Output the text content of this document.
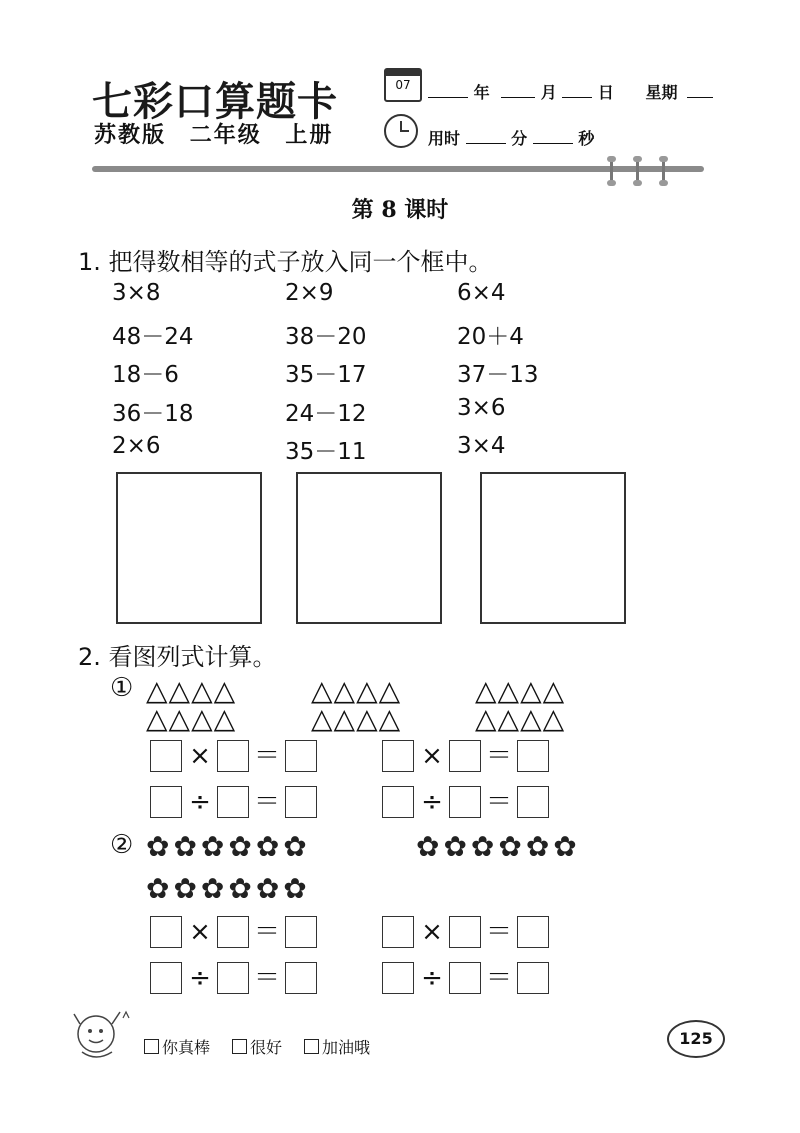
七彩口算题卡
苏教版 二年级 上册
07	年	月	日 星期
用时	分	秒
第 8 课时
1. 把得数相等的式子放入同一个框中。
3×8	2×9	6×4
48－24	38－20	20＋4
18－6	35－17	37－13
36－18	24－12	3×6
2×6	35－11	3×4
2. 看图列式计算。
① △△△△
△△△△
△△△△
△△△△
△△△△
△△△△
× ＝	× ＝
÷ ＝	÷ ＝
② ✿✿✿✿✿✿	✿✿✿✿✿✿
✿✿✿✿✿✿
× ＝	× ＝
÷ ＝	÷ ＝
你真棒	很好	加油哦	125
